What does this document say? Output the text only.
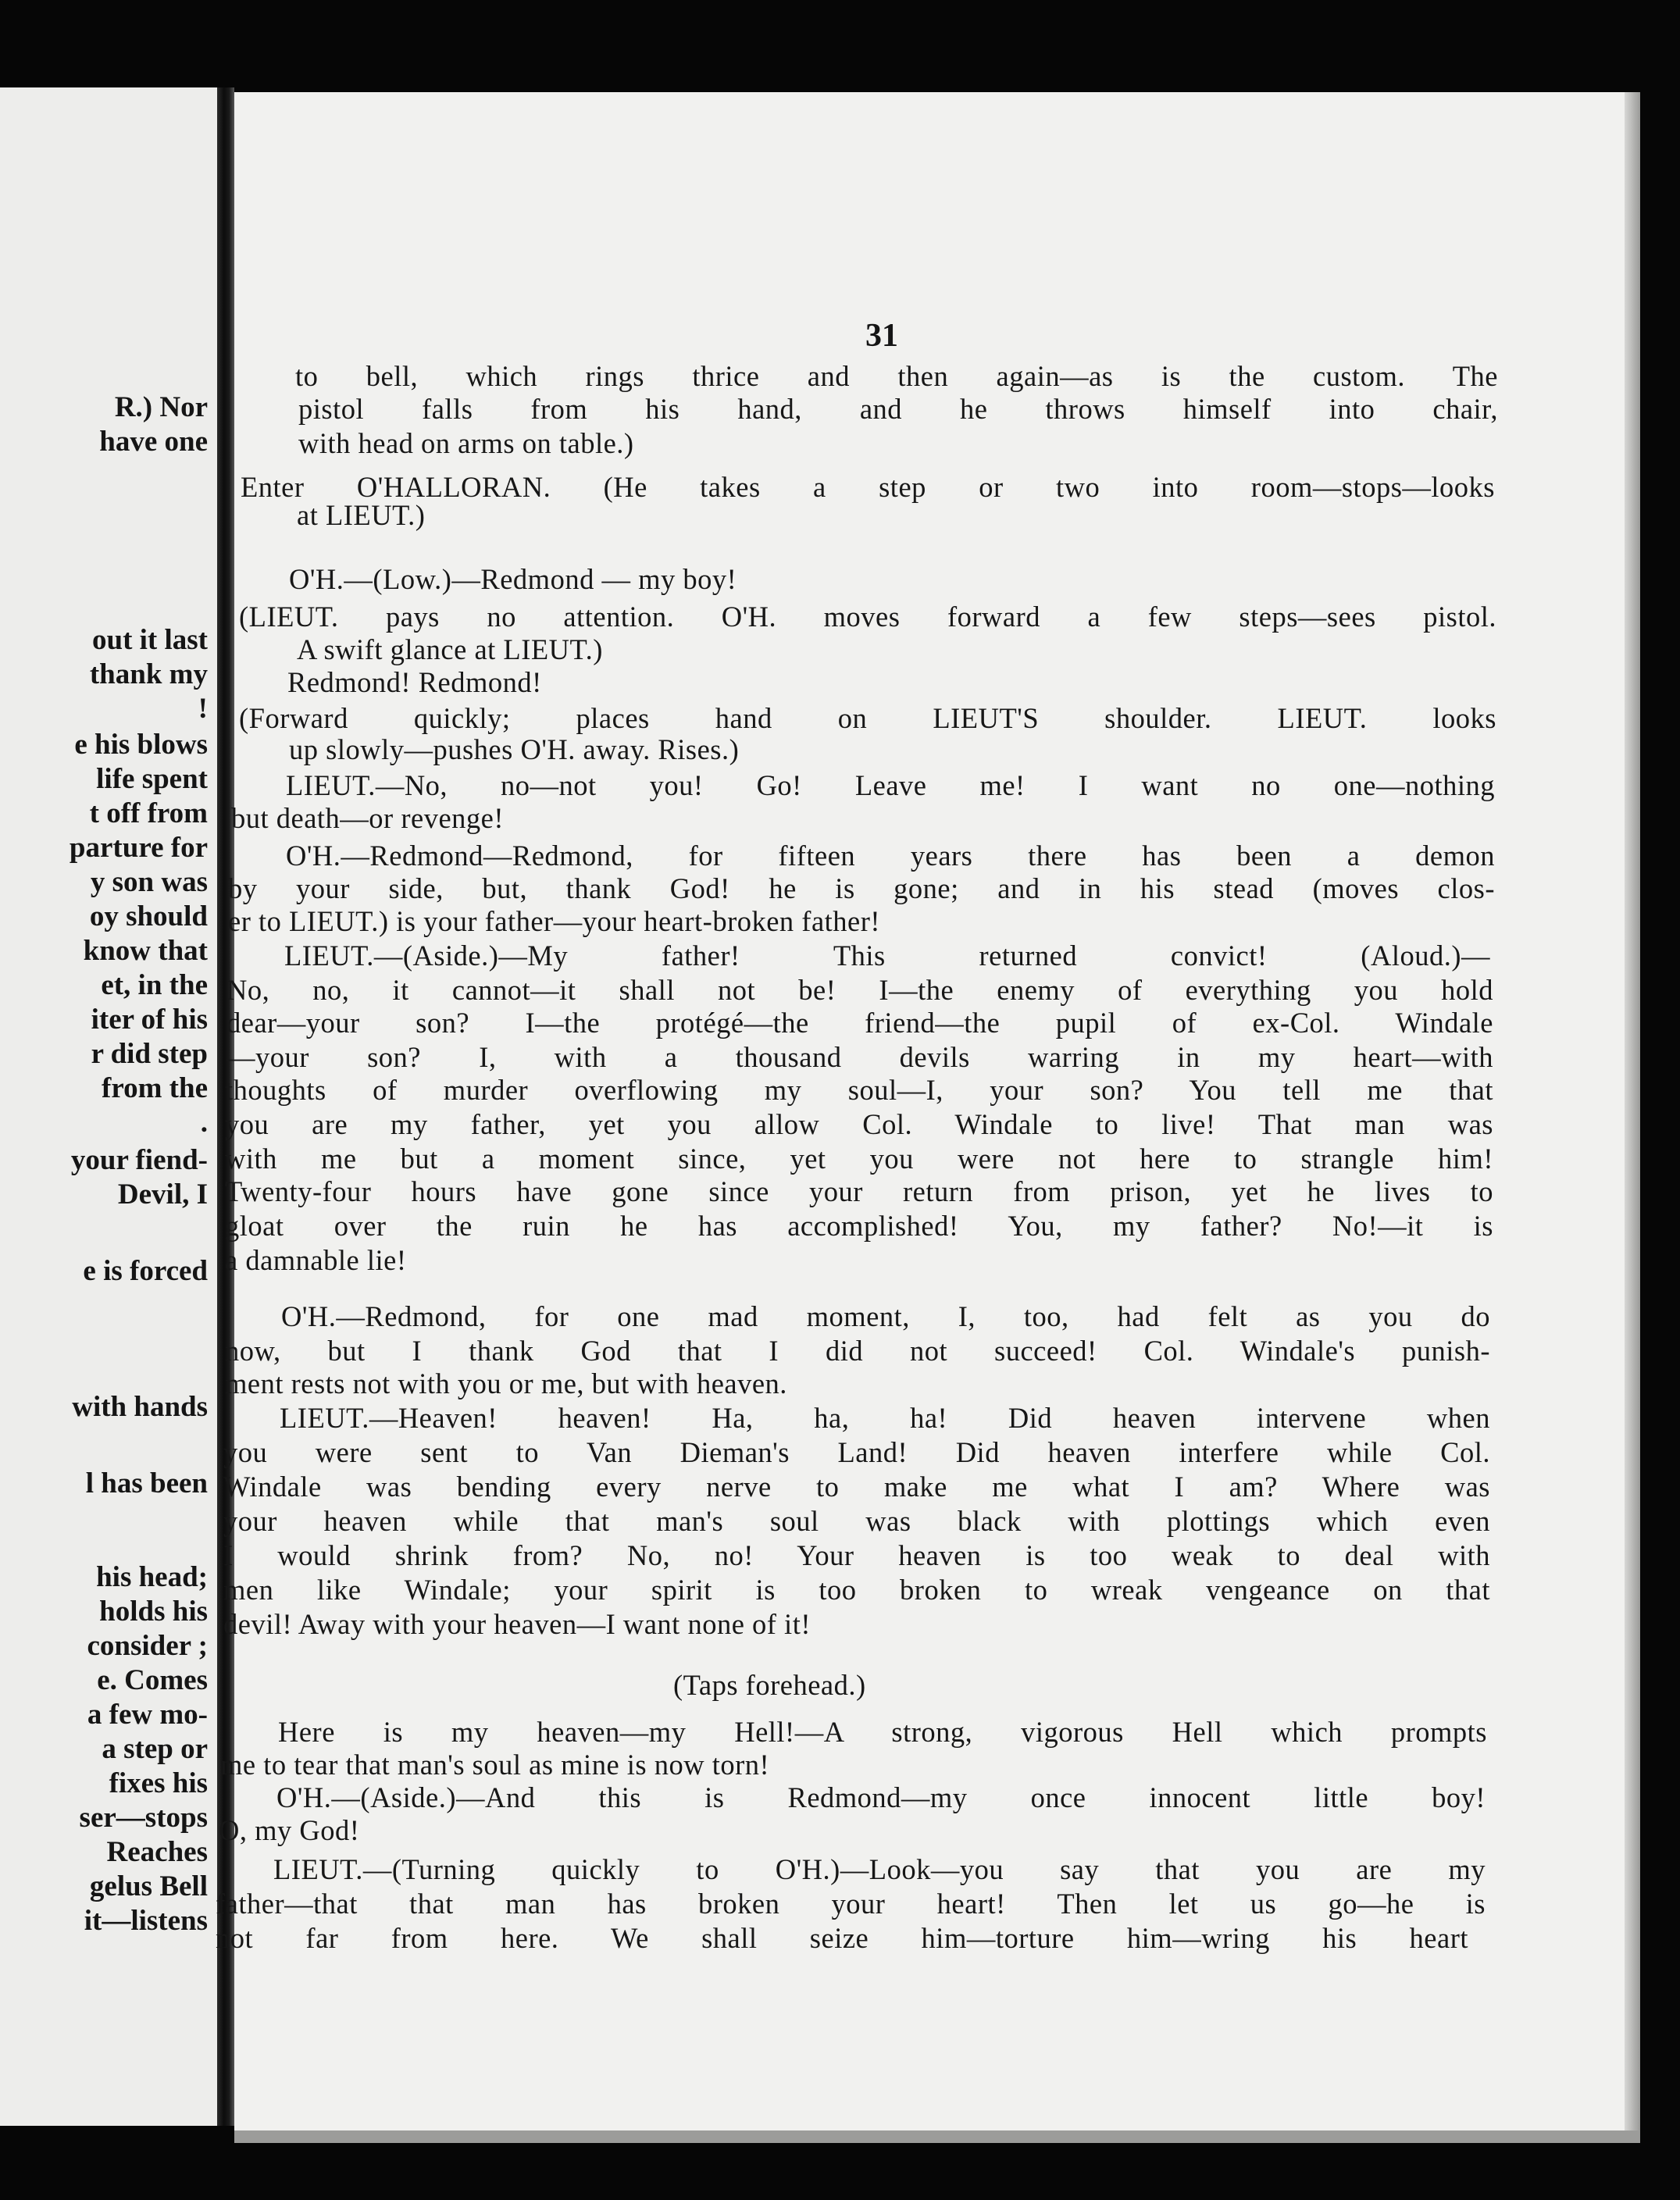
R.) Nor
have one
out it last
thank my
!
e his blows
life spent
t off from
parture for
y son was
oy should
know that
et, in the
iter of his
r did step
from the
.
your fiend-
Devil, I
e is forced
with hands
l has been
his head;
holds his
consider ;
e. Comes
a few mo-
a step or
fixes his
ser—stops
Reaches
gelus Bell
it—listens
31
to bell, which rings thrice and then again—as is the custom. The
pistol falls from his hand, and he throws himself into chair,
with head on arms on table.)
Enter O'HALLORAN. (He takes a step or two into room—stops—looks
at LIEUT.)
O'H.—(Low.)—Redmond — my boy!
(LIEUT. pays no attention. O'H. moves forward a few steps—sees pistol.
A swift glance at LIEUT.)
Redmond! Redmond!
(Forward quickly; places hand on LIEUT'S shoulder. LIEUT. looks
up slowly—pushes O'H. away. Rises.)
LIEUT.—No, no—not you! Go! Leave me! I want no one—nothing
but death—or revenge!
O'H.—Redmond—Redmond, for fifteen years there has been a demon
by your side, but, thank God! he is gone; and in his stead (moves clos-
er to LIEUT.) is your father—your heart-broken father!
LIEUT.—(Aside.)—My father! This returned convict! (Aloud.)—
No, no, it cannot—it shall not be! I—the enemy of everything you hold
dear—your son? I—the protégé—the friend—the pupil of ex-Col. Windale
—your son? I, with a thousand devils warring in my heart—with
thoughts of murder overflowing my soul—I, your son? You tell me that
you are my father, yet you allow Col. Windale to live! That man was
with me but a moment since, yet you were not here to strangle him!
Twenty-four hours have gone since your return from prison, yet he lives to
gloat over the ruin he has accomplished! You, my father? No!—it is
a damnable lie!
O'H.—Redmond, for one mad moment, I, too, had felt as you do
now, but I thank God that I did not succeed! Col. Windale's punish-
ment rests not with you or me, but with heaven.
LIEUT.—Heaven! heaven! Ha, ha, ha! Did heaven intervene when
you were sent to Van Dieman's Land! Did heaven interfere while Col.
Windale was bending every nerve to make me what I am? Where was
your heaven while that man's soul was black with plottings which even
I would shrink from? No, no! Your heaven is too weak to deal with
men like Windale; your spirit is too broken to wreak vengeance on that
devil! Away with your heaven—I want none of it!
(Taps forehead.)
Here is my heaven—my Hell!—A strong, vigorous Hell which prompts
me to tear that man's soul as mine is now torn!
O'H.—(Aside.)—And this is Redmond—my once innocent little boy!
O, my God!
LIEUT.—(Turning quickly to O'H.)—Look—you say that you are my
father—that that man has broken your heart! Then let us go—he is
not far from here. We shall seize him—torture him—wring his heart
